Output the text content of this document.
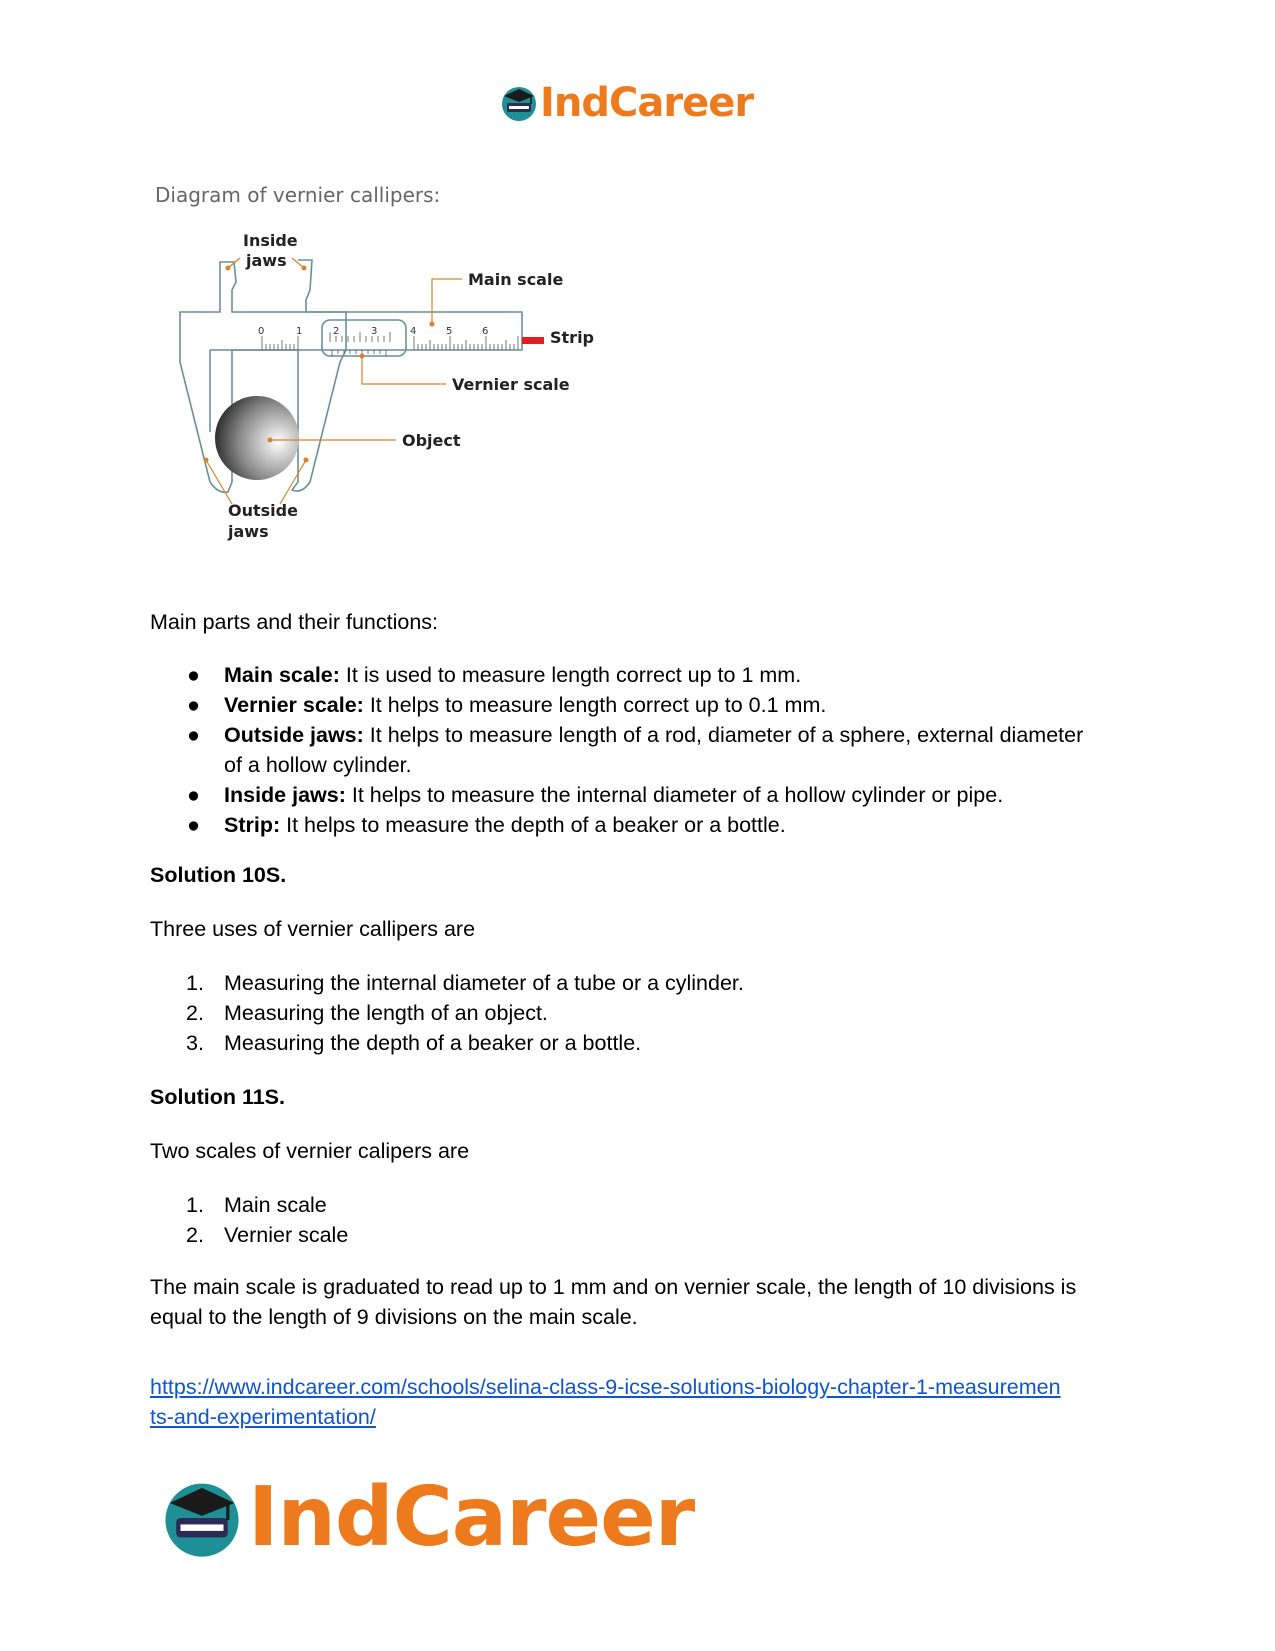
IndCareer
Diagram of vernier callipers:
0	1	2	3	4	5	6
Inside
jaws
Main scale
Strip
Vernier scale
Object
Outside
jaws
Main parts and their functions:
● Main scale: It is used to measure length correct up to 1 mm.
● Vernier scale: It helps to measure length correct up to 0.1 mm.
● Outside jaws: It helps to measure length of a rod, diameter of a sphere, external diameter of a hollow cylinder.
● Inside jaws: It helps to measure the internal diameter of a hollow cylinder or pipe.
● Strip: It helps to measure the depth of a beaker or a bottle.
Solution 10S.
Three uses of vernier callipers are
1. Measuring the internal diameter of a tube or a cylinder.
2. Measuring the length of an object.
3. Measuring the depth of a beaker or a bottle.
Solution 11S.
Two scales of vernier calipers are
1. Main scale
2. Vernier scale
The main scale is graduated to read up to 1 mm and on vernier scale, the length of 10 divisions is equal to the length of 9 divisions on the main scale.
https://www.indcareer.com/schools/selina-class-9-icse-solutions-biology-chapter-1-measuremen
ts-and-experimentation/
IndCareer
